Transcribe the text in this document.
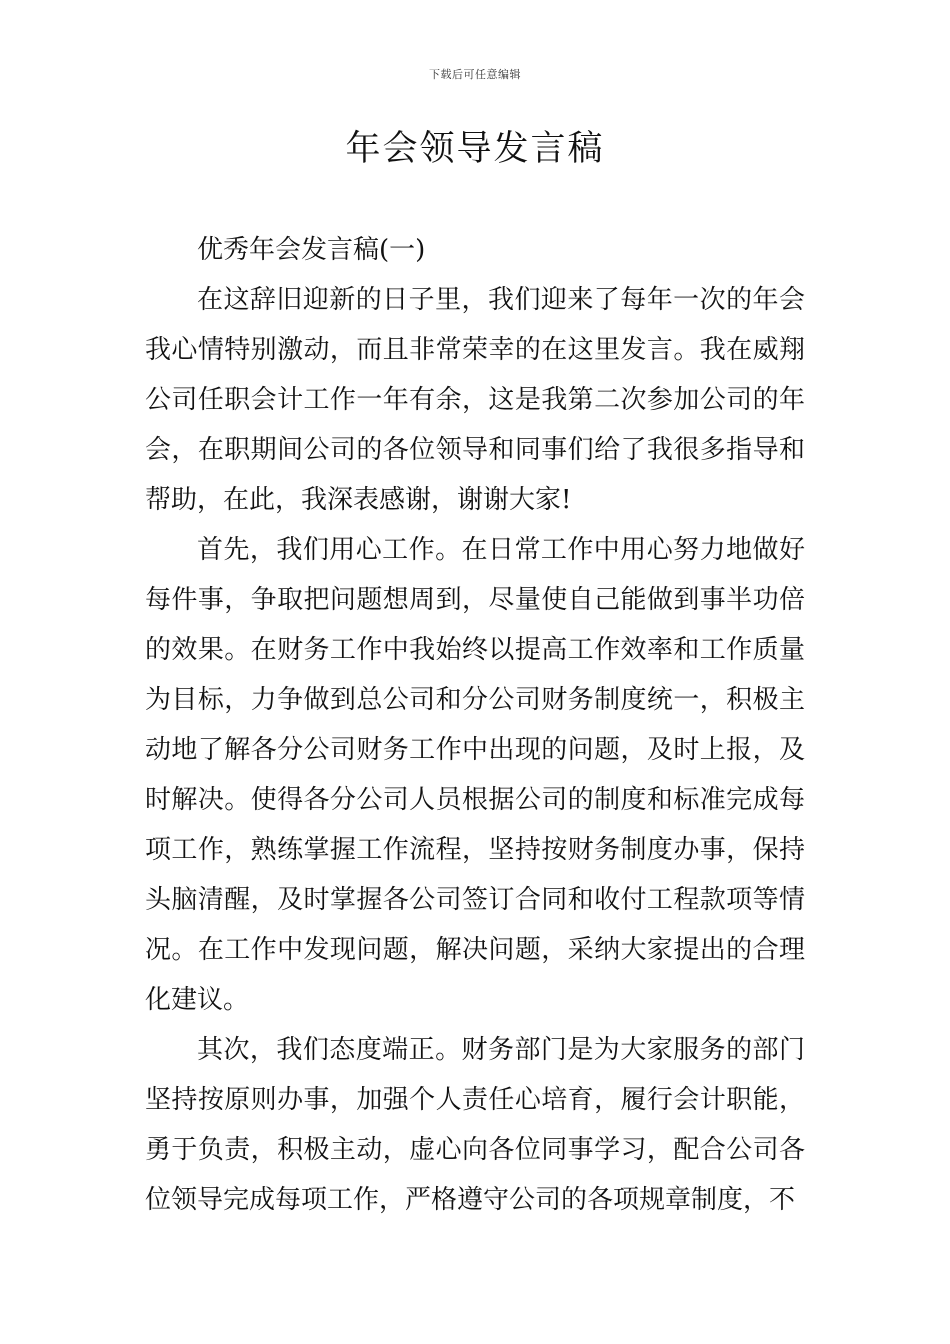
下载后可任意编辑
年会领导发言稿

优秀年会发言稿(一)

在这辞旧迎新的日子里，我们迎来了每年一次的年会我心情特别激动，而且非常荣幸的在这里发言。我在威翔公司任职会计工作一年有余，这是我第二次参加公司的年会，在职期间公司的各位领导和同事们给了我很多指导和帮助，在此，我深表感谢，谢谢大家!

首先，我们用心工作。在日常工作中用心努力地做好每件事，争取把问题想周到，尽量使自己能做到事半功倍的效果。在财务工作中我始终以提高工作效率和工作质量为目标，力争做到总公司和分公司财务制度统一，积极主动地了解各分公司财务工作中出现的问题，及时上报，及时解决。使得各分公司人员根据公司的制度和标准完成每项工作，熟练掌握工作流程，坚持按财务制度办事，保持头脑清醒，及时掌握各公司签订合同和收付工程款项等情况。在工作中发现问题，解决问题，采纳大家提出的合理化建议。

其次，我们态度端正。财务部门是为大家服务的部门坚持按原则办事，加强个人责任心培育，履行会计职能，勇于负责，积极主动，虚心向各位同事学习，配合公司各位领导完成每项工作，严格遵守公司的各项规章制度，不
